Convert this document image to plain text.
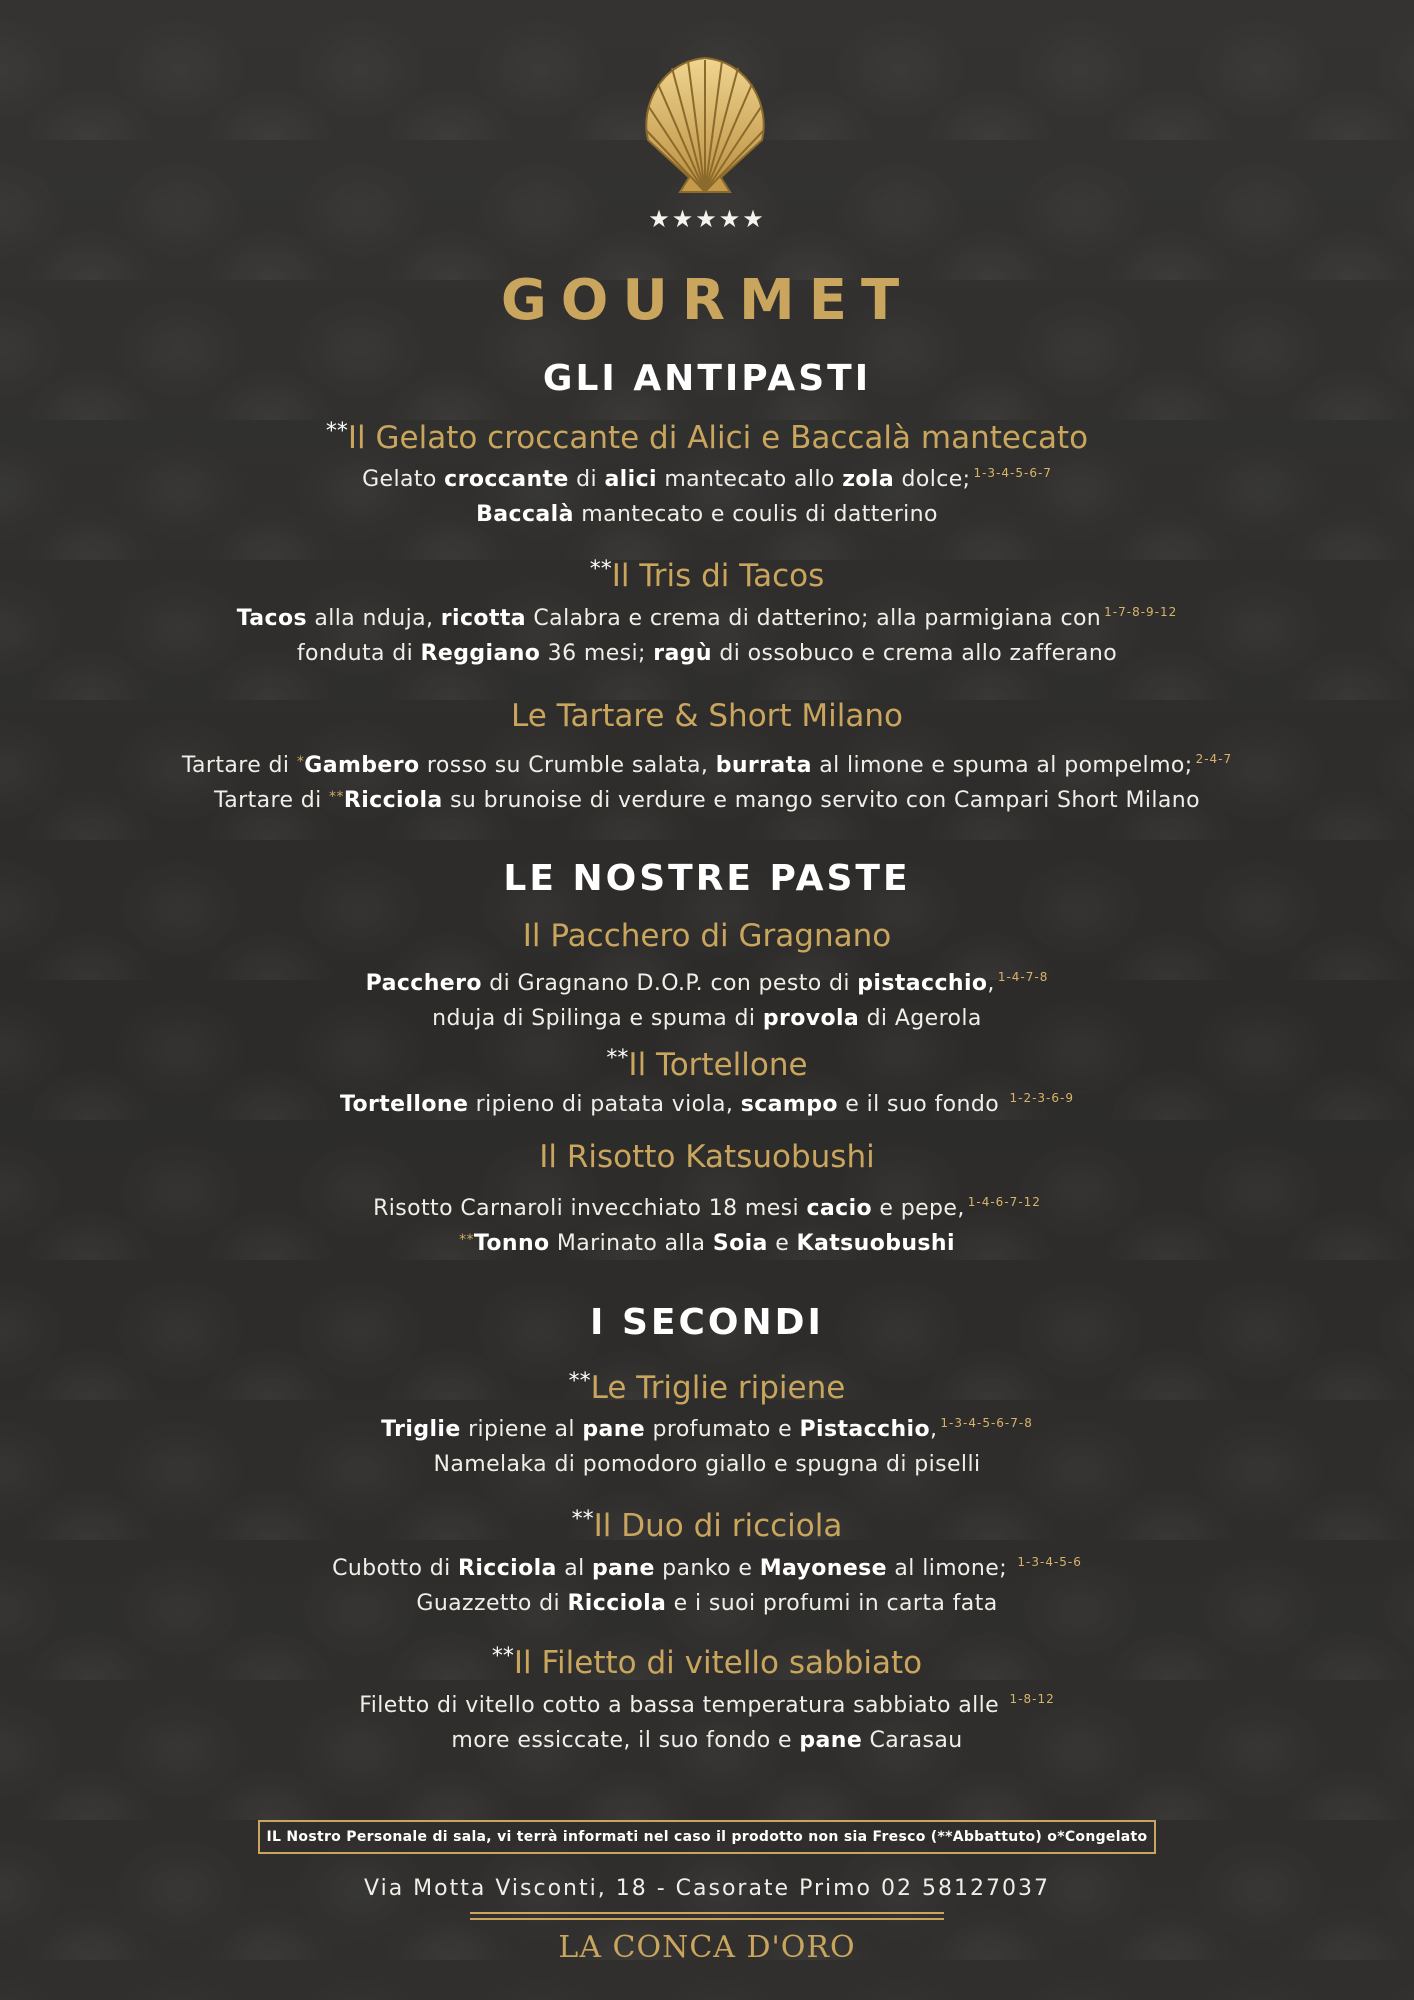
★★★★★
GOURMET
GLI ANTIPASTI
**Il Gelato croccante di Alici e Baccalà mantecato
Gelato croccante di alici mantecato allo zola dolce; $^{1-3-4-5-6-7}$
Baccalà mantecato e coulis di datterino
**Il Tris di Tacos
Tacos alla nduja, ricotta Calabra e crema di datterino; alla parmigiana con $^{1-7-8-9-12}$
fonduta di Reggiano 36 mesi; ragù di ossobuco e crema allo zafferano
Le Tartare & Short Milano
Tartare di *Gambero rosso su Crumble salata, burrata al limone e spuma al pompelmo; $^{2-4-7}$
Tartare di **Ricciola su brunoise di verdure e mango servito con Campari Short Milano
LE NOSTRE PASTE
Il Pacchero di Gragnano
Pacchero di Gragnano D.O.P. con pesto di pistacchio, $^{1-4-7-8}$
nduja di Spilinga e spuma di provola di Agerola
**Il Tortellone
Tortellone ripieno di patata viola, scampo e il suo fondo $^{1-2-3-6-9}$
Il Risotto Katsuobushi
Risotto Carnaroli invecchiato 18 mesi cacio e pepe, $^{1-4-6-7-12}$
**Tonno Marinato alla Soia e Katsuobushi
I SECONDI
**Le Triglie ripiene
Triglie ripiene al pane profumato e Pistacchio, $^{1-3-4-5-6-7-8}$
Namelaka di pomodoro giallo e spugna di piselli
**Il Duo di ricciola
Cubotto di Ricciola al pane panko e Mayonese al limone; $^{1-3-4-5-6}$
Guazzetto di Ricciola e i suoi profumi in carta fata
**Il Filetto di vitello sabbiato
Filetto di vitello cotto a bassa temperatura sabbiato alle $^{1-8-12}$
more essiccate, il suo fondo e pane Carasau
IL Nostro Personale di sala, vi terrà informati nel caso il prodotto non sia Fresco (**Abbattuto) o*Congelato
Via Motta Visconti, 18 - Casorate Primo 02 58127037
LA CONCA D'ORO
